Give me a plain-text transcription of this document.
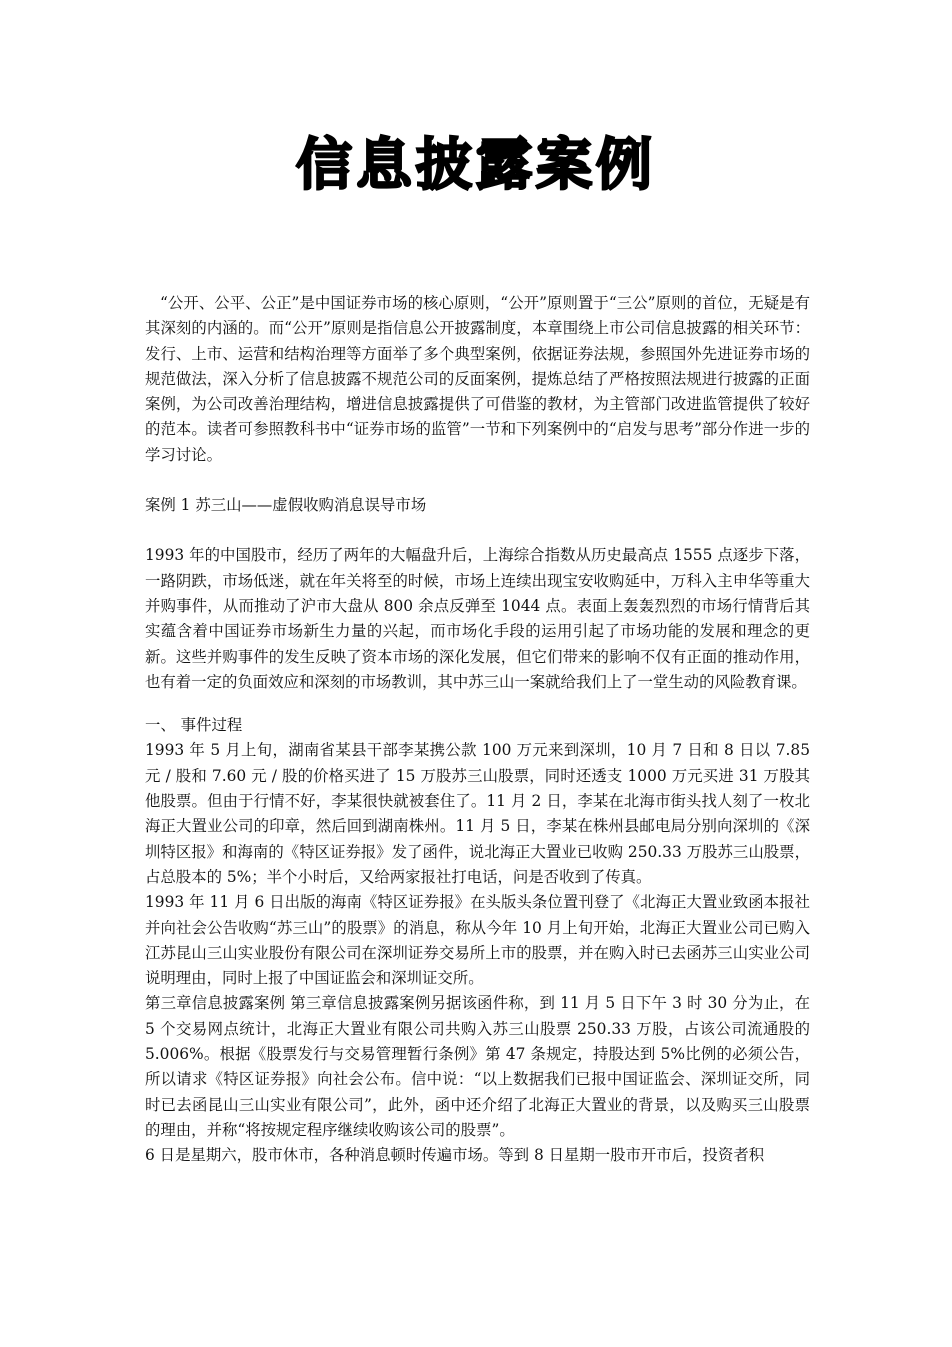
信息披露案例

“公开、公平、公正”是中国证券市场的核心原则，“公开”原则置于“三公”原则的首位，无疑是有其深刻的内涵的。而“公开”原则是指信息公开披露制度，本章围绕上市公司信息披露的相关环节：发行、上市、运营和结构治理等方面举了多个典型案例，依据证券法规，参照国外先进证券市场的规范做法，深入分析了信息披露不规范公司的反面案例，提炼总结了严格按照法规进行披露的正面案例，为公司改善治理结构，增进信息披露提供了可借鉴的教材，为主管部门改进监管提供了较好的范本。读者可参照教科书中“证券市场的监管”一节和下列案例中的“启发与思考”部分作进一步的学习讨论。

案例 1 苏三山——虚假收购消息误导市场

1993 年的中国股市，经历了两年的大幅盘升后，上海综合指数从历史最高点 1555 点逐步下落，一路阴跌，市场低迷，就在年关将至的时候，市场上连续出现宝安收购延中，万科入主申华等重大并购事件，从而推动了沪市大盘从 800 余点反弹至 1044 点。表面上轰轰烈烈的市场行情背后其实蕴含着中国证券市场新生力量的兴起，而市场化手段的运用引起了市场功能的发展和理念的更新。这些并购事件的发生反映了资本市场的深化发展，但它们带来的影响不仅有正面的推动作用，也有着一定的负面效应和深刻的市场教训，其中苏三山一案就给我们上了一堂生动的风险教育课。

一、 事件过程

1993 年 5 月上旬，湖南省某县干部李某携公款 100 万元来到深圳，10 月 7 日和 8 日以 7.85 元 / 股和 7.60 元 / 股的价格买进了 15 万股苏三山股票，同时还透支 1000 万元买进 31 万股其他股票。但由于行情不好，李某很快就被套住了。11 月 2 日，李某在北海市街头找人刻了一枚北海正大置业公司的印章，然后回到湖南株州。11 月 5 日，李某在株州县邮电局分别向深圳的《深圳特区报》和海南的《特区证券报》发了函件，说北海正大置业已收购 250.33 万股苏三山股票，占总股本的 5%；半个小时后，又给两家报社打电话，问是否收到了传真。

1993 年 11 月 6 日出版的海南《特区证券报》在头版头条位置刊登了《北海正大置业致函本报社并向社会公告收购“苏三山”的股票》的消息，称从今年 10 月上旬开始，北海正大置业公司已购入江苏昆山三山实业股份有限公司在深圳证券交易所上市的股票，并在购入时已去函苏三山实业公司说明理由，同时上报了中国证监会和深圳证交所。

第三章信息披露案例 第三章信息披露案例另据该函件称，到 11 月 5 日下午 3 时 30 分为止，在 5 个交易网点统计，北海正大置业有限公司共购入苏三山股票 250.33 万股，占该公司流通股的 5.006%。根据《股票发行与交易管理暂行条例》第 47 条规定，持股达到 5%比例的必须公告，所以请求《特区证券报》向社会公布。信中说：“以上数据我们已报中国证监会、深圳证交所，同时已去函昆山三山实业有限公司”，此外，函中还介绍了北海正大置业的背景，以及购买三山股票的理由，并称“将按规定程序继续收购该公司的股票”。

6 日是星期六，股市休市，各种消息顿时传遍市场。等到 8 日星期一股市开市后，投资者积
